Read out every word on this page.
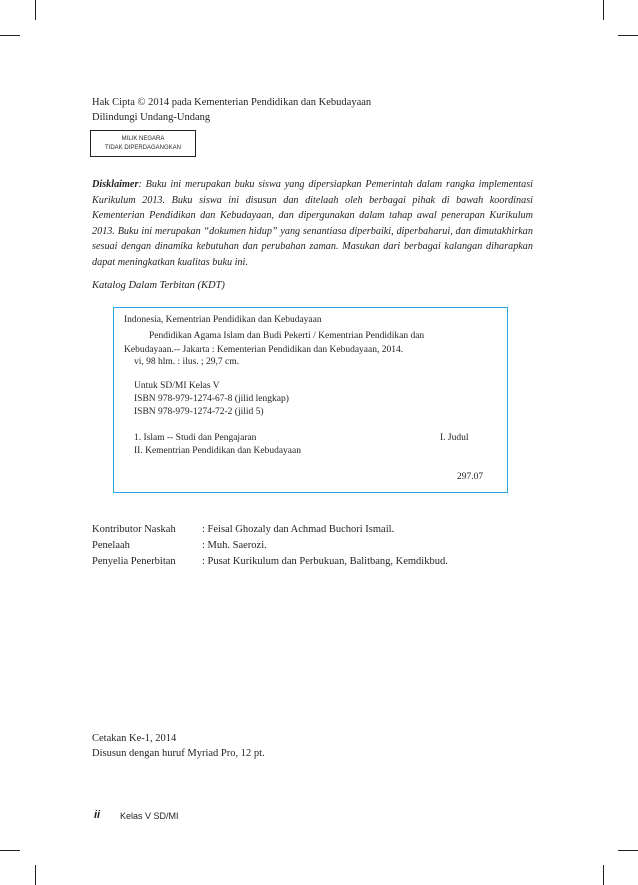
Hak Cipta © 2014 pada Kementerian Pendidikan dan Kebudayaan
Dilindungi Undang-Undang
MILIK NEGARA
TIDAK DIPERDAGANGKAN
Disklaimer: Buku ini merupakan buku siswa yang dipersiapkan Pemerintah dalam rangka implementasi Kurikulum 2013. Buku siswa ini disusun dan ditelaah oleh berbagai pihak di bawah koordinasi Kementerian Pendidikan dan Kebudayaan, dan dipergunakan dalam tahap awal penerapan Kurikulum 2013. Buku ini merupakan “dokumen hidup” yang senantiasa diperbaiki, diperbaharui, dan dimutakhirkan sesuai dengan dinamika kebutuhan dan perubahan zaman. Masukan dari berbagai kalangan diharapkan dapat meningkatkan kualitas buku ini.
Katalog Dalam Terbitan (KDT)
Indonesia, Kementrian Pendidikan dan Kebudayaan
Pendidikan Agama Islam dan Budi Pekerti / Kementrian Pendidikan dan
Kebudayaan.-- Jakarta : Kementerian Pendidikan dan Kebudayaan, 2014.
vi, 98 hlm. : ilus. ; 29,7 cm.
Untuk SD/MI Kelas V
ISBN 978-979-1274-67-8 (jilid lengkap)
ISBN 978-979-1274-72-2 (jilid 5)
1. Islam -- Studi dan Pengajaran	I. Judul
II. Kementrian Pendidikan dan Kebudayaan
297.07
Kontributor Naskah	: Feisal Ghozaly dan Achmad Buchori Ismail.
Penelaah	: Muh. Saerozi.
Penyelia Penerbitan	: Pusat Kurikulum dan Perbukuan, Balitbang, Kemdikbud.
Cetakan Ke-1, 2014
Disusun dengan huruf Myriad Pro, 12 pt.
ii Kelas V SD/MI
